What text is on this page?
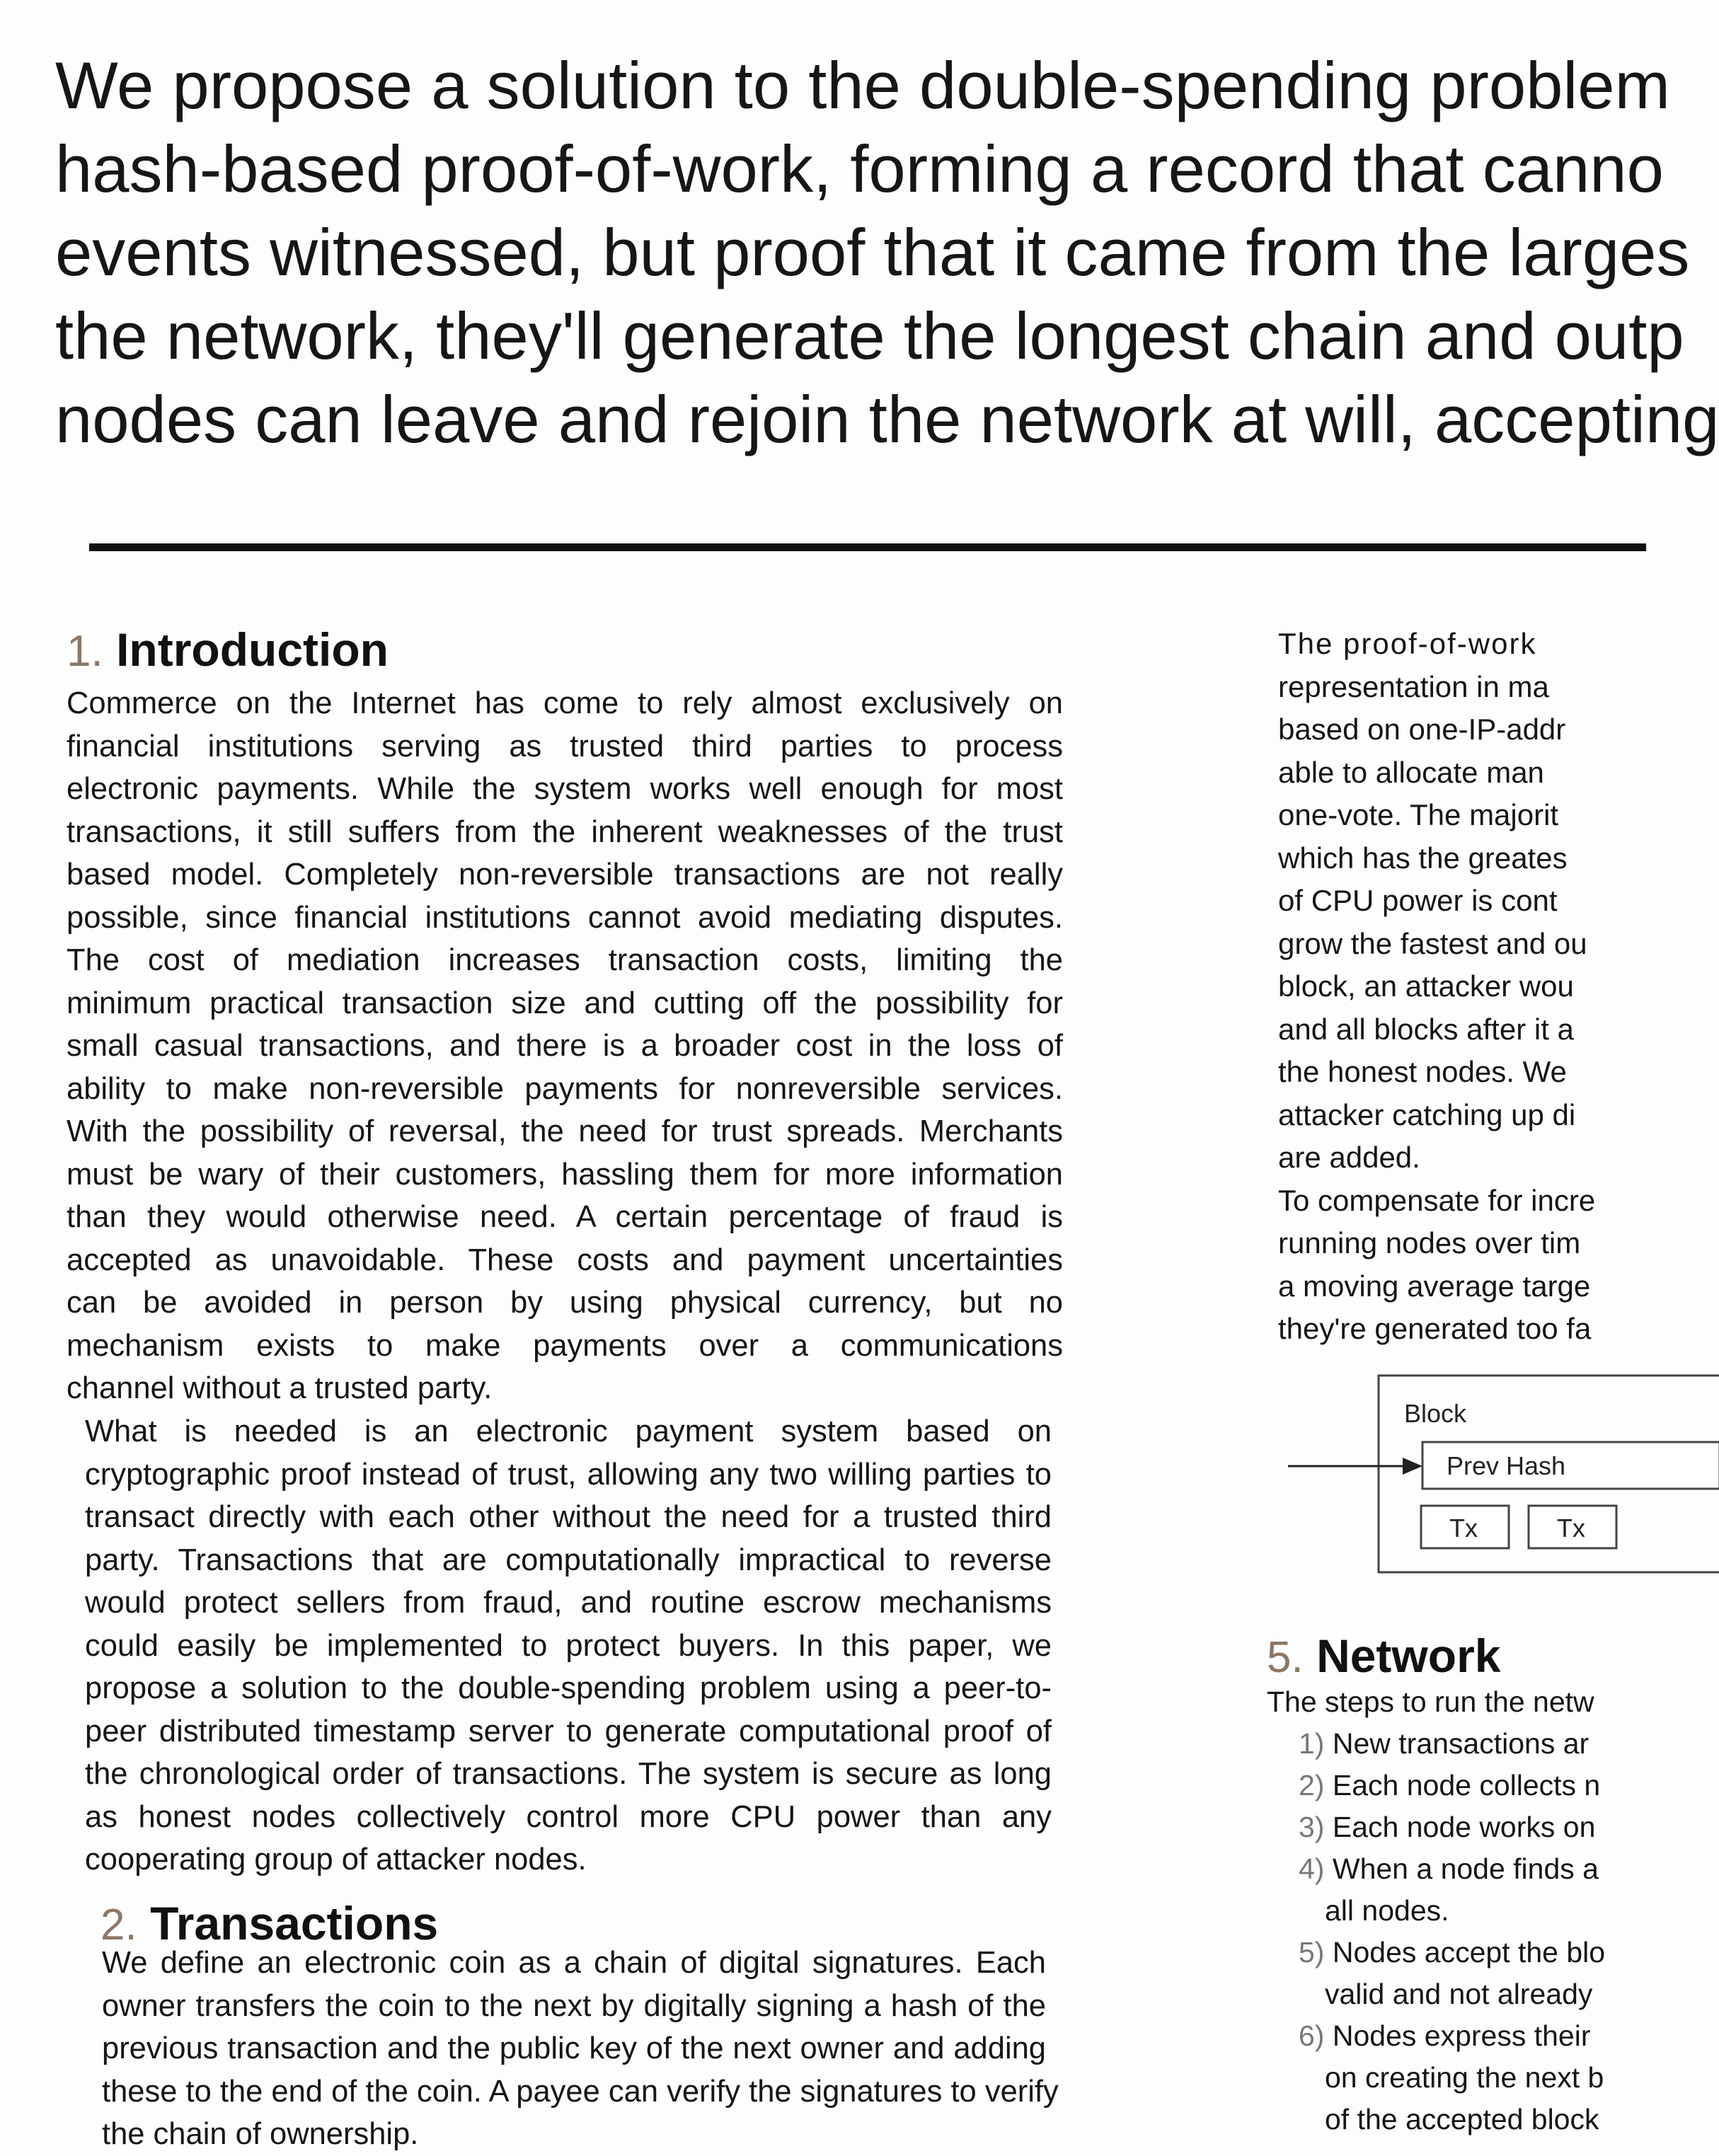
We propose a solution to the double-spending problem
hash-based proof-of-work, forming a record that canno
events witnessed, but proof that it came from the larges
the network, they'll generate the longest chain and outp
nodes can leave and rejoin the network at will, accepting
1. Introduction
Commerce on the Internet has come to rely almost exclusively on
financial institutions serving as trusted third parties to process
electronic payments. While the system works well enough for most
transactions, it still suffers from the inherent weaknesses of the trust
based model. Completely non-reversible transactions are not really
possible, since financial institutions cannot avoid mediating disputes.
The cost of mediation increases transaction costs, limiting the
minimum practical transaction size and cutting off the possibility for
small casual transactions, and there is a broader cost in the loss of
ability to make non-reversible payments for nonreversible services.
With the possibility of reversal, the need for trust spreads. Merchants
must be wary of their customers, hassling them for more information
than they would otherwise need. A certain percentage of fraud is
accepted as unavoidable. These costs and payment uncertainties
can be avoided in person by using physical currency, but no
mechanism exists to make payments over a communications
channel without a trusted party.
What is needed is an electronic payment system based on
cryptographic proof instead of trust, allowing any two willing parties to
transact directly with each other without the need for a trusted third
party. Transactions that are computationally impractical to reverse
would protect sellers from fraud, and routine escrow mechanisms
could easily be implemented to protect buyers. In this paper, we
propose a solution to the double-spending problem using a peer-to-
peer distributed timestamp server to generate computational proof of
the chronological order of transactions. The system is secure as long
as honest nodes collectively control more CPU power than any
cooperating group of attacker nodes.
2. Transactions
We define an electronic coin as a chain of digital signatures. Each
owner transfers the coin to the next by digitally signing a hash of the
previous transaction and the public key of the next owner and adding
these to the end of the coin. A payee can verify the signatures to verify
the chain of ownership.
The proof-of-work
representation in ma
based on one-IP-addr
able to allocate man
one-vote. The majorit
which has the greates
of CPU power is cont
grow the fastest and ou
block, an attacker wou
and all blocks after it a
the honest nodes. We
attacker catching up di
are added.
To compensate for incre
running nodes over tim
a moving average targe
they're generated too fa
Block
Prev Hash
Tx	Tx
5. Network
The steps to run the netw
1) New transactions ar
2) Each node collects n
3) Each node works on
4) When a node finds a
all nodes.
5) Nodes accept the blo
valid and not already
6) Nodes express their
on creating the next b
of the accepted block
